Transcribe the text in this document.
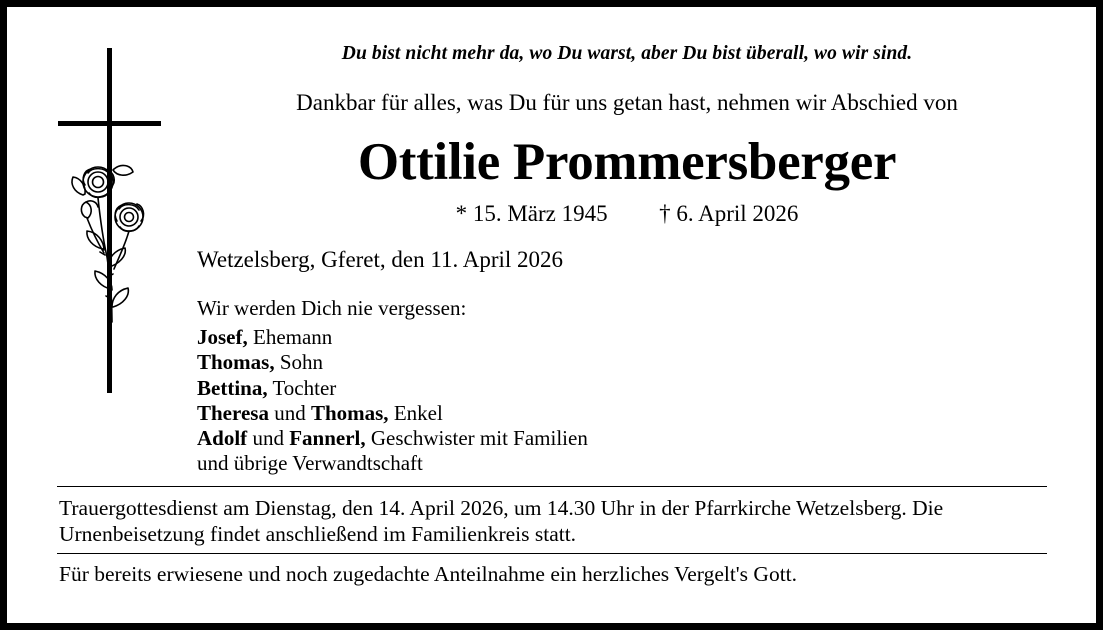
Du bist nicht mehr da, wo Du warst, aber Du bist überall, wo wir sind.
Dankbar für alles, was Du für uns getan hast, nehmen wir Abschied von
Ottilie Prommersberger
* 15. März 1945 † 6. April 2026
Wetzelsberg, Gferet, den 11. April 2026
Wir werden Dich nie vergessen:
Josef, Ehemann
Thomas, Sohn
Bettina, Tochter
Theresa und Thomas, Enkel
Adolf und Fannerl, Geschwister mit Familien
und übrige Verwandtschaft
Trauergottesdienst am Dienstag, den 14. April 2026, um 14.30 Uhr in der Pfarrkirche Wetzelsberg. Die Urnenbeisetzung findet anschließend im Familienkreis statt.
Für bereits erwiesene und noch zugedachte Anteilnahme ein herzliches Vergelt's Gott.
